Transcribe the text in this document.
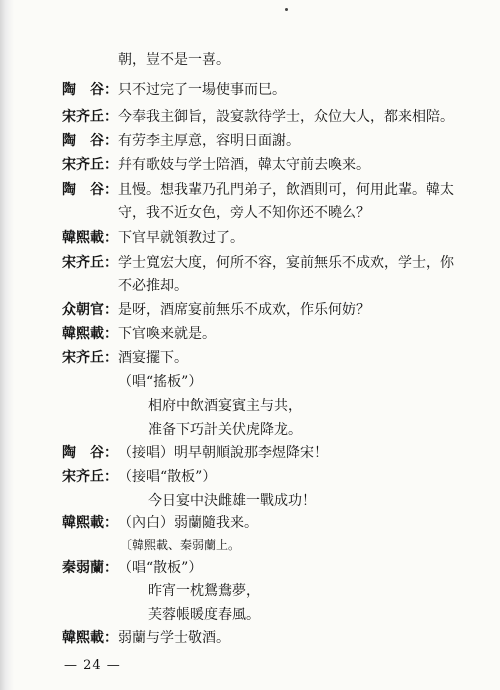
朝，豈不是一喜。
陶　谷： 只不过完了一場使事而巳。
宋齐丘： 今奉我主御旨，設宴款待学士，众位大人，都来相陪。
陶　谷： 有劳李主厚意，容明日面謝。
宋齐丘： 幷有歌妓与学士陪酒，韓太守前去喚来。
陶　谷： 且慢。想我輩乃孔門弟子，飲酒則可，何用此輩。韓太
守，我不近女色，旁人不知你还不曉么？
韓熙載： 下官早就領教过了。
宋齐丘： 学士寬宏大度，何所不容，宴前無乐不成欢，学士，你
不必推却。
众朝官： 是呀，酒席宴前無乐不成欢，作乐何妨？
韓熙載： 下官喚来就是。
宋齐丘： 酒宴擺下。
（唱“搖板”）
相府中飲酒宴賓主与共，
准备下巧計关伏虎降龙。
陶　谷： （接唱）明早朝順說那李煜降宋！
宋齐丘： （接唱“散板”）
今日宴中決雌雄一戰成功！
韓熙載： （內白）弱蘭隨我来。
〔韓熙載、秦弱蘭上。
秦弱蘭： （唱“散板”）
昨宵一枕鴛鴦夢，
芙蓉帳暖度春風。
韓熙載： 弱蘭与学士敬酒。
— 24 —
